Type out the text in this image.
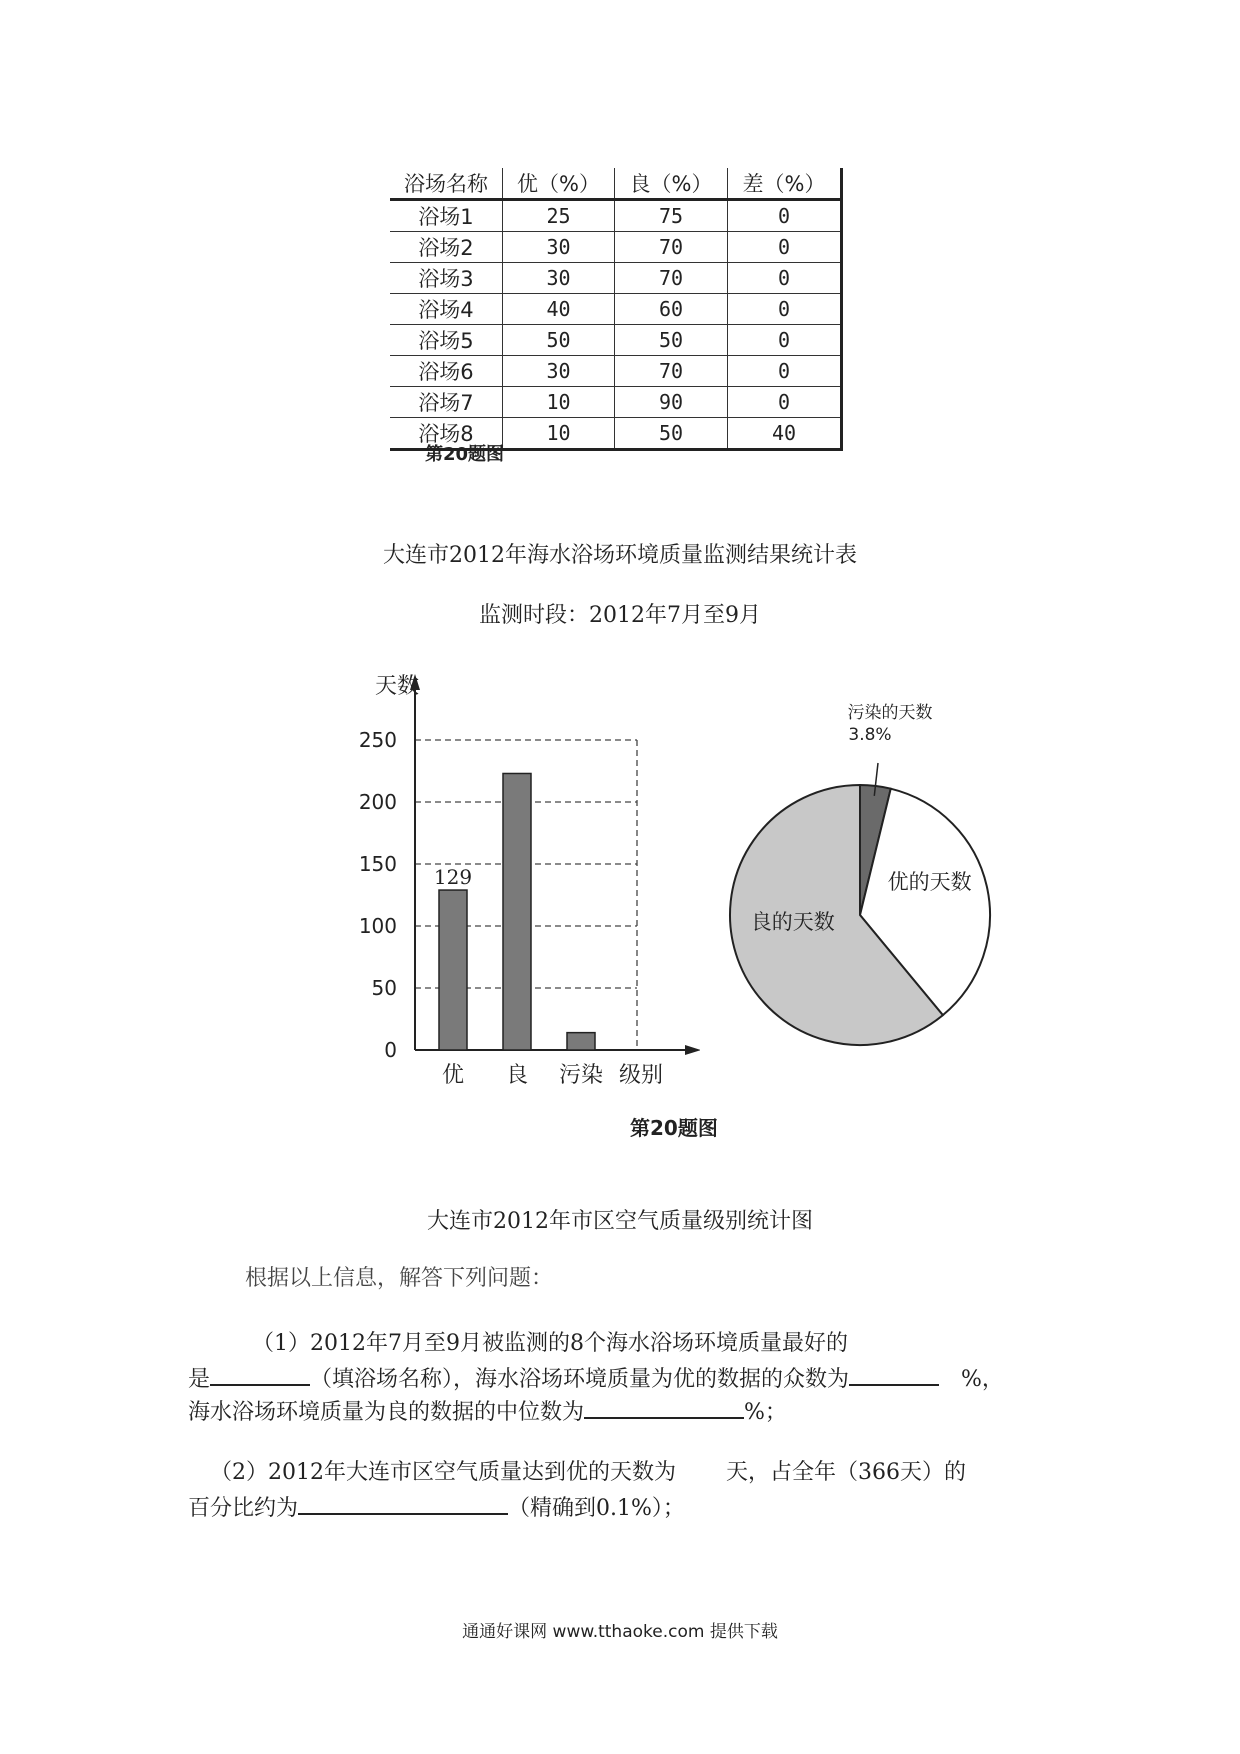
浴场名称	优（%）	良（%）	差（%）
浴场1	25	75	0
浴场2	30	70	0
浴场3	30	70	0
浴场4	40	60	0
浴场5	50	50	0
浴场6	30	70	0
浴场7	10	90	0
浴场8	10	50	40
第20题图
大连市2012年海水浴场环境质量监测结果统计表
监测时段：2012年7月至9月
0
50
100
150
200
250
天数
优
129
良 污染 级别
污染的天数
3.8%
优的天数
良的天数
第20题图
大连市2012年市区空气质量级别统计图
根据以上信息，解答下列问题：
（1）2012年7月至9月被监测的8个海水浴场环境质量最好的
是	（填浴场名称），海水浴场环境质量为优的数据的众数为	%，
海水浴场环境质量为良的数据的中位数为	%；
（2）2012年大连市区空气质量达到优的天数为 天，占全年（366天）的
百分比约为	（精确到0.1%）；
通通好课网 www.tthaoke.com 提供下载
